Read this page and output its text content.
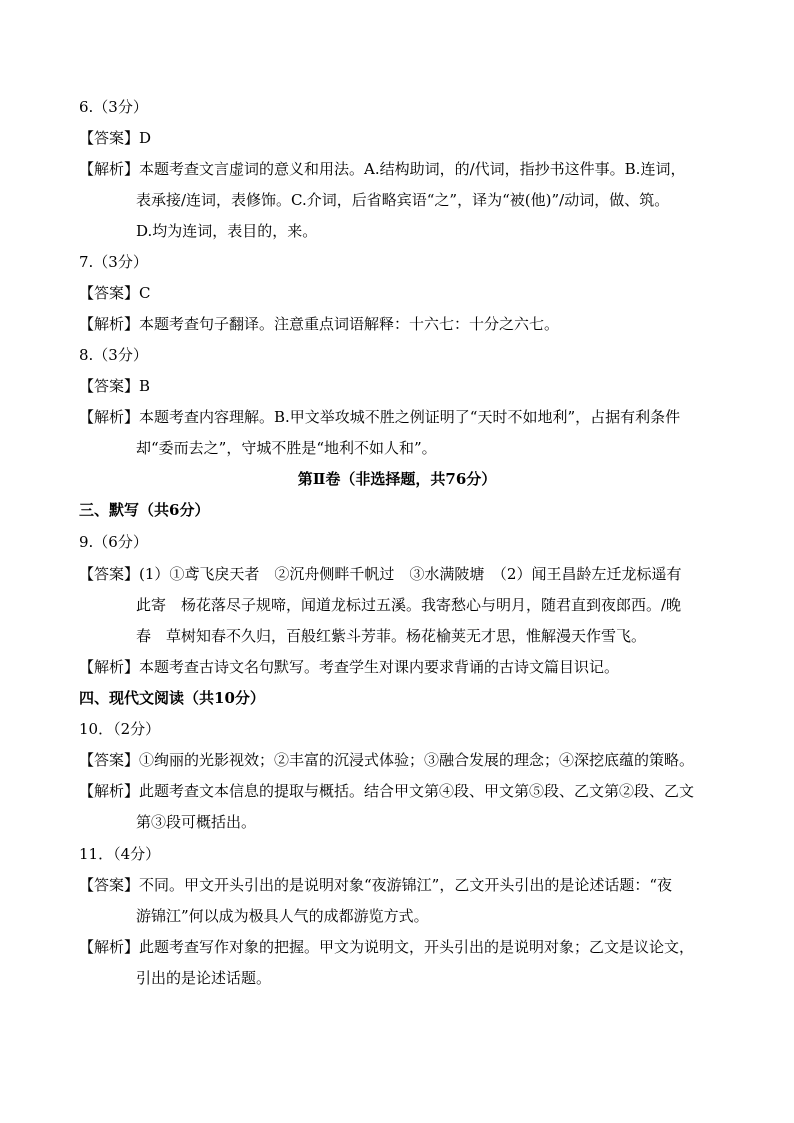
6.（3分）
【答案】D
【解析】本题考查文言虚词的意义和用法。A.结构助词，的/代词，指抄书这件事。B.连词，
表承接/连词，表修饰。C.介词，后省略宾语“之”，译为“被(他)”/动词，做、筑。
D.均为连词，表目的，来。
7.（3分）
【答案】C
【解析】本题考查句子翻译。注意重点词语解释：十六七：十分之六七。
8.（3分）
【答案】B
【解析】本题考查内容理解。B.甲文举攻城不胜之例证明了“天时不如地利”，占据有利条件
却“委而去之”，守城不胜是“地利不如人和”。
第Ⅱ卷（非选择题，共76分）
三、默写（共6分）
9.（6分）
【答案】(1）①鸢飞戾天者　②沉舟侧畔千帆过　③水满陂塘　（2）闻王昌龄左迁龙标遥有
此寄　杨花落尽子规啼，闻道龙标过五溪。我寄愁心与明月，随君直到夜郎西。/晚
春　草树知春不久归，百般红紫斗芳菲。杨花榆荚无才思，惟解漫天作雪飞。
【解析】本题考查古诗文名句默写。考查学生对课内要求背诵的古诗文篇目识记。
四、现代文阅读（共10分）
10．（2分）
【答案】①绚丽的光影视效；②丰富的沉浸式体验；③融合发展的理念；④深挖底蕴的策略。
【解析】此题考查文本信息的提取与概括。结合甲文第④段、甲文第⑤段、乙文第②段、乙文
第③段可概括出。
11．（4分）
【答案】不同。甲文开头引出的是说明对象“夜游锦江”，乙文开头引出的是论述话题：“夜
游锦江”何以成为极具人气的成都游览方式。
【解析】此题考查写作对象的把握。甲文为说明文，开头引出的是说明对象；乙文是议论文，
引出的是论述话题。
